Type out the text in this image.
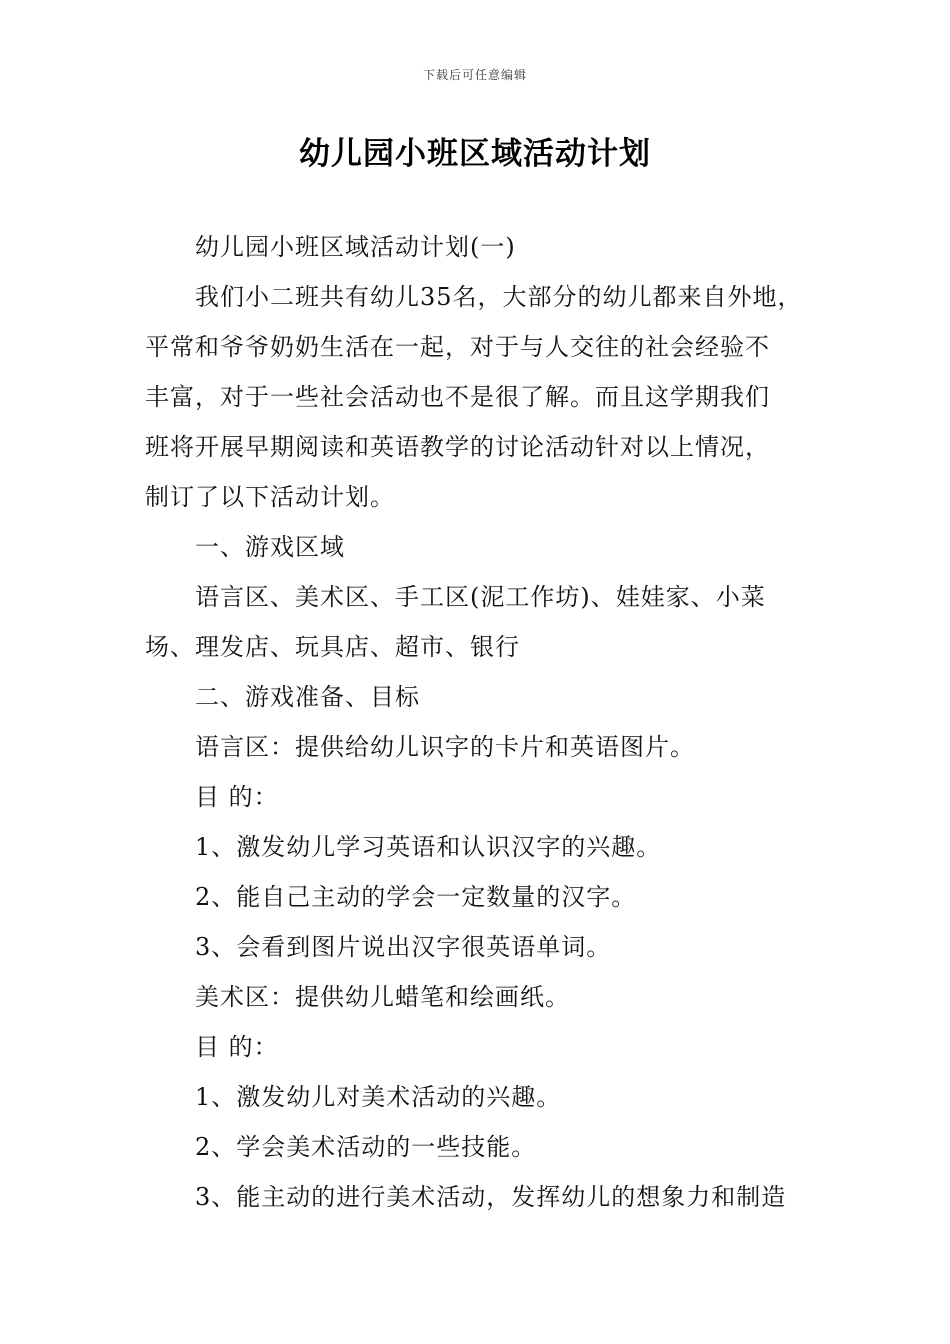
下载后可任意编辑
幼儿园小班区域活动计划

幼儿园小班区域活动计划(一)

我们小二班共有幼儿35名，大部分的幼儿都来自外地，

平常和爷爷奶奶生活在一起，对于与人交往的社会经验不

丰富，对于一些社会活动也不是很了解。而且这学期我们

班将开展早期阅读和英语教学的讨论活动针对以上情况，

制订了以下活动计划。

一、游戏区域

语言区、美术区、手工区(泥工作坊)、娃娃家、小菜

场、理发店、玩具店、超市、银行

二、游戏准备、目标

语言区：提供给幼儿识字的卡片和英语图片。

目 的：

1、激发幼儿学习英语和认识汉字的兴趣。

2、能自己主动的学会一定数量的汉字。

3、会看到图片说出汉字很英语单词。

美术区：提供幼儿蜡笔和绘画纸。

目 的：

1、激发幼儿对美术活动的兴趣。

2、学会美术活动的一些技能。

3、能主动的进行美术活动，发挥幼儿的想象力和制造
